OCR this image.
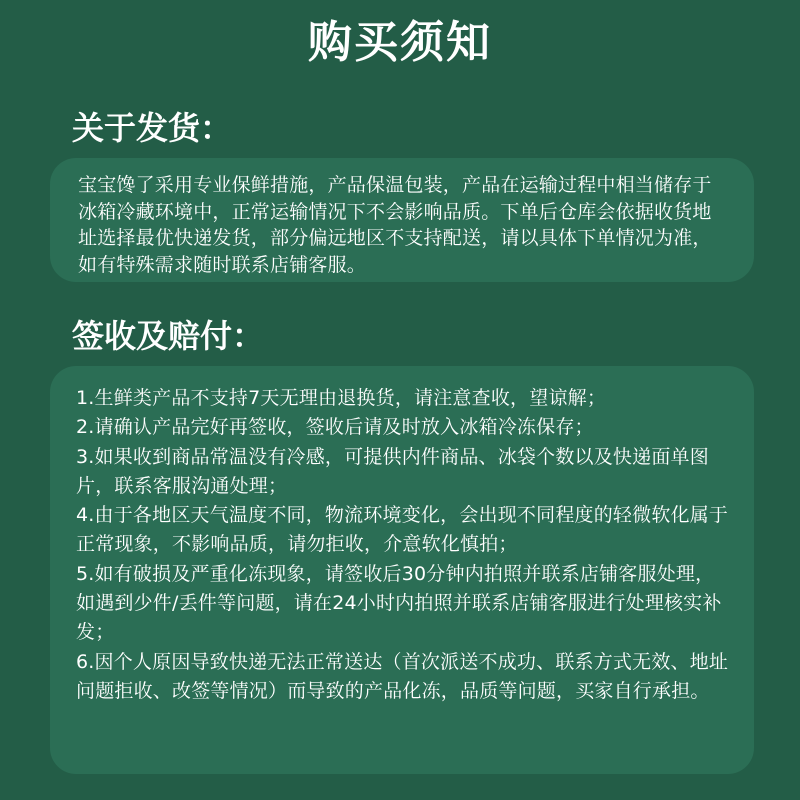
购买须知
关于发货：

宝宝馋了采用专业保鲜措施，产品保温包装，产品在运输过程中相当储存于冰箱冷藏环境中，正常运输情况下不会影响品质。下单后仓库会依据收货地址选择最优快递发货，部分偏远地区不支持配送，请以具体下单情况为准，如有特殊需求随时联系店铺客服。

签收及赔付：

1.生鲜类产品不支持7天无理由退换货，请注意查收，望谅解；

2.请确认产品完好再签收，签收后请及时放入冰箱冷冻保存；

3.如果收到商品常温没有冷感，可提供内件商品、冰袋个数以及快递面单图片，联系客服沟通处理；

4.由于各地区天气温度不同，物流环境变化，会出现不同程度的轻微软化属于正常现象，不影响品质，请勿拒收，介意软化慎拍；

5.如有破损及严重化冻现象，请签收后30分钟内拍照并联系店铺客服处理，如遇到少件/丢件等问题，请在24小时内拍照并联系店铺客服进行处理核实补发；

6.因个人原因导致快递无法正常送达（首次派送不成功、联系方式无效、地址问题拒收、改签等情况）而导致的产品化冻，品质等问题，买家自行承担。
